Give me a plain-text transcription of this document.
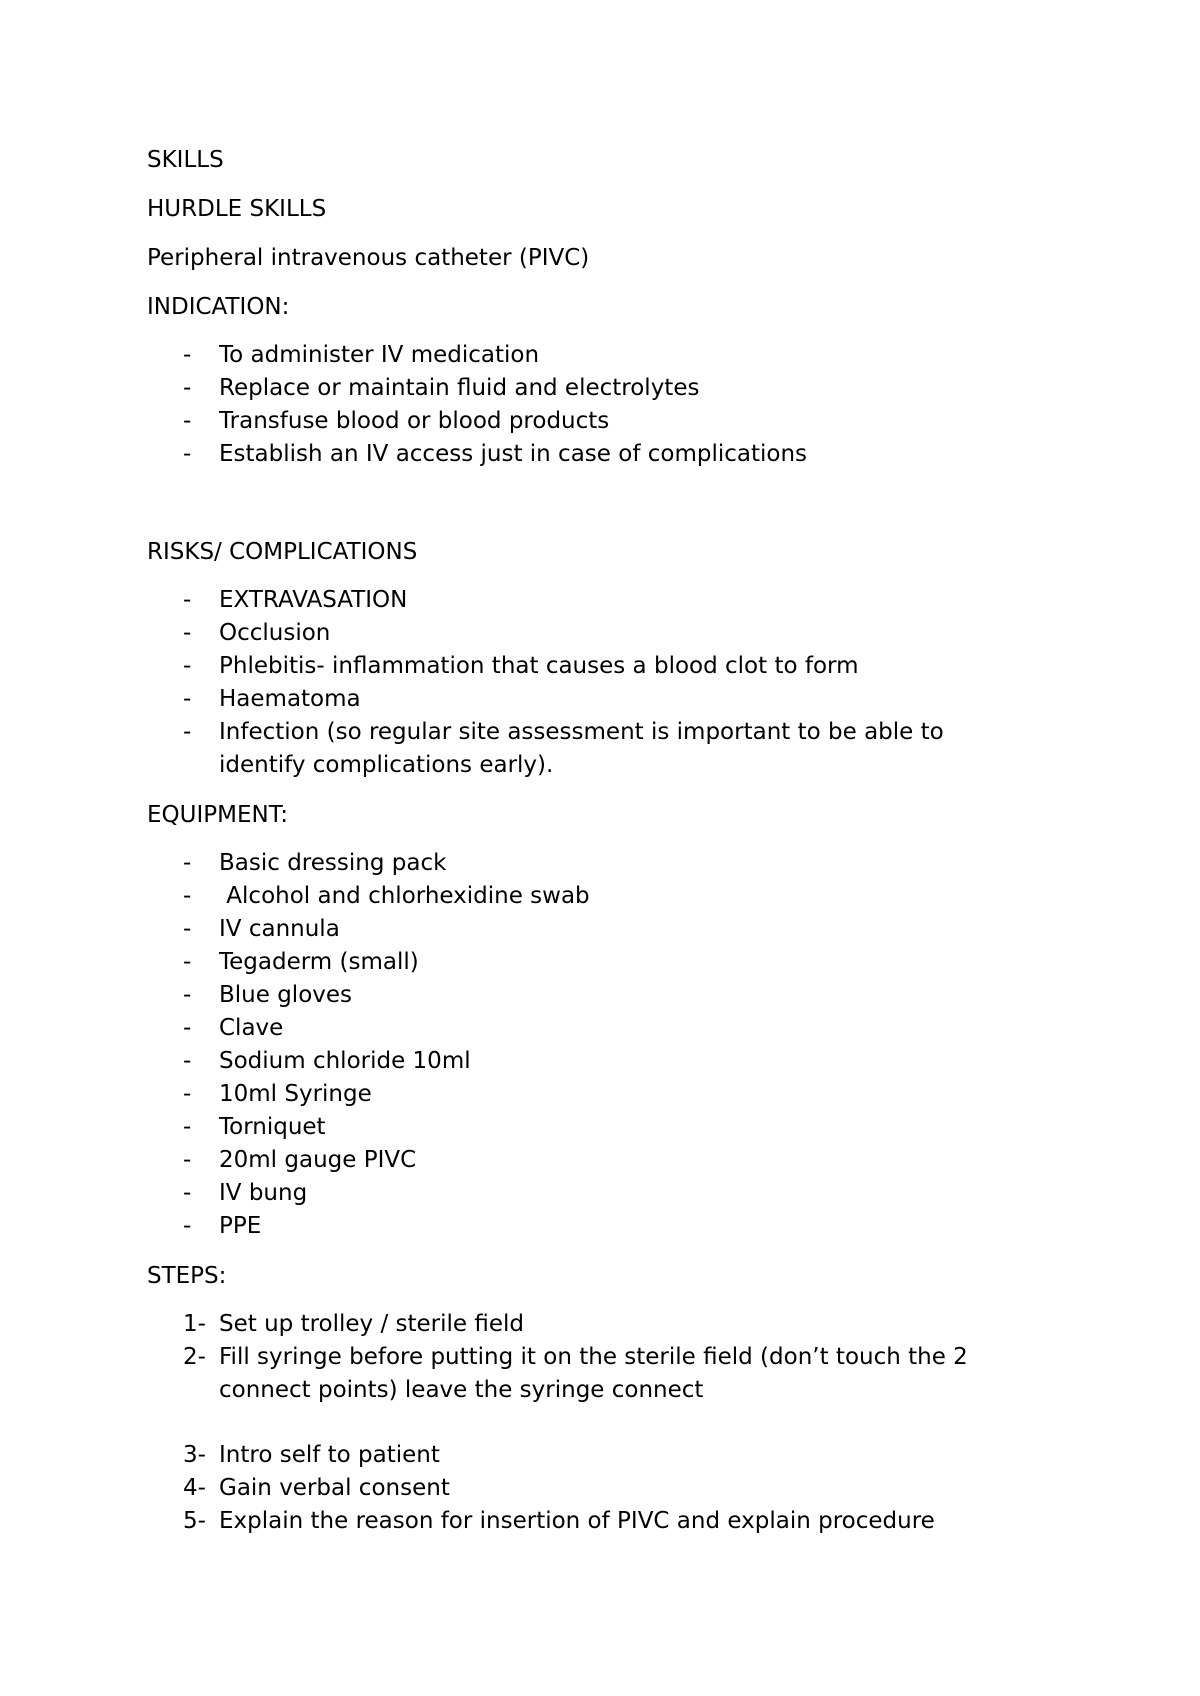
SKILLS
HURDLE SKILLS
Peripheral intravenous catheter (PIVC)
INDICATION:
- To administer IV medication
- Replace or maintain fluid and electrolytes
- Transfuse blood or blood products
- Establish an IV access just in case of complications
RISKS/ COMPLICATIONS
- EXTRAVASATION
- Occlusion
- Phlebitis- inflammation that causes a blood clot to form
- Haematoma
- Infection (so regular site assessment is important to be able to
identify complications early).
EQUIPMENT:
- Basic dressing pack
- Alcohol and chlorhexidine swab
- IV cannula
- Tegaderm (small)
- Blue gloves
- Clave
- Sodium chloride 10ml
- 10ml Syringe
- Torniquet
- 20ml gauge PIVC
- IV bung
- PPE
STEPS:
1- Set up trolley / sterile field
2- Fill syringe before putting it on the sterile field (don’t touch the 2
connect points) leave the syringe connect
3- Intro self to patient
4- Gain verbal consent
5- Explain the reason for insertion of PIVC and explain procedure
